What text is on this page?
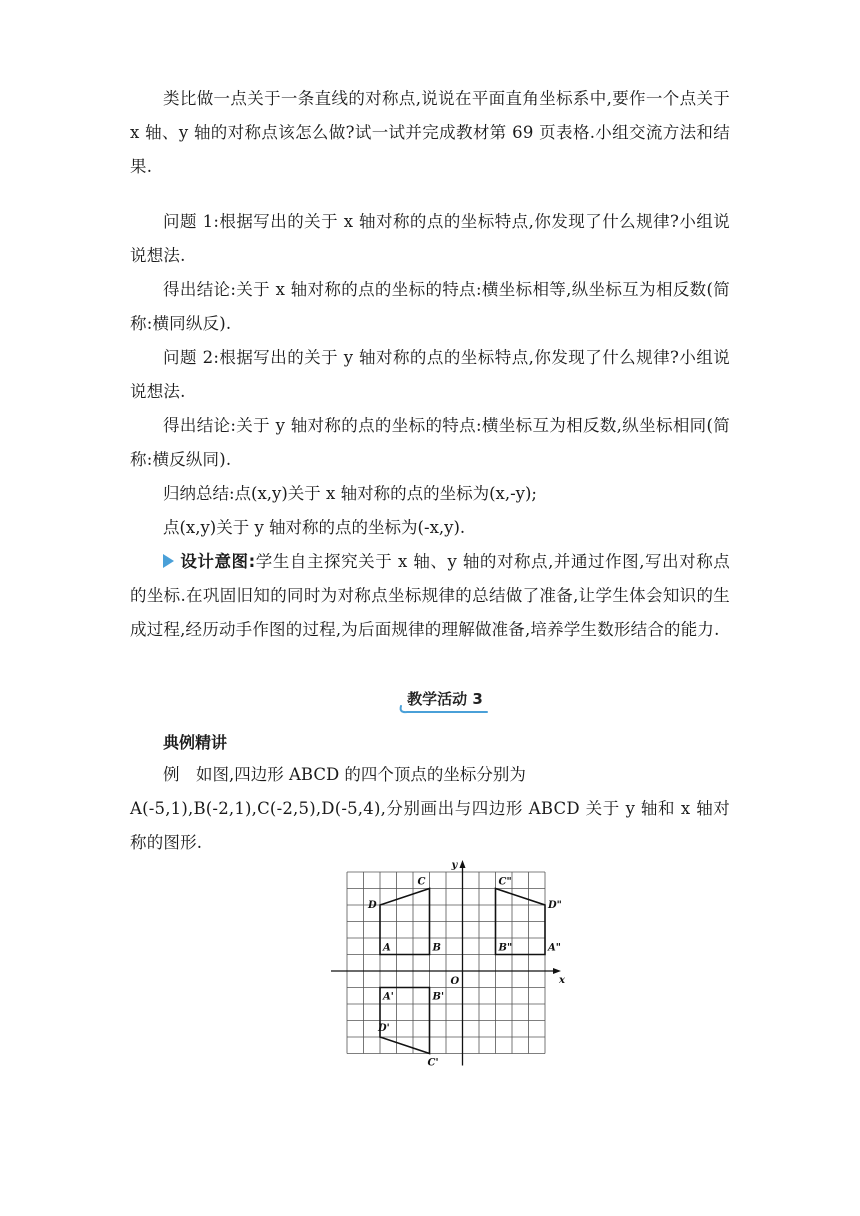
类比做一点关于一条直线的对称点,说说在平面直角坐标系中,要作一个点关于 x 轴、y 轴的对称点该怎么做?试一试并完成教材第 69 页表格.小组交流方法和结果.

问题 1:根据写出的关于 x 轴对称的点的坐标特点,你发现了什么规律?小组说说想法.

得出结论:关于 x 轴对称的点的坐标的特点:横坐标相等,纵坐标互为相反数(简称:横同纵反).

问题 2:根据写出的关于 y 轴对称的点的坐标特点,你发现了什么规律?小组说说想法.

得出结论:关于 y 轴对称的点的坐标的特点:横坐标互为相反数,纵坐标相同(简称:横反纵同).

归纳总结:点(x,y)关于 x 轴对称的点的坐标为(x,-y);

点(x,y)关于 y 轴对称的点的坐标为(-x,y).

设计意图:学生自主探究关于 x 轴、y 轴的对称点,并通过作图,写出对称点的坐标.在巩固旧知的同时为对称点坐标规律的总结做了准备,让学生体会知识的生成过程,经历动手作图的过程,为后面规律的理解做准备,培养学生数形结合的能力.

教学活动 3
典例精讲

例　如图,四边形 ABCD 的四个顶点的坐标分别为

A(-5,1),B(-2,1),C(-2,5),D(-5,4),分别画出与四边形 ABCD 关于 y 轴和 x 轴对称的图形.

x
y
O
A	B
C
D
A'	B'
C'
D'
A"
B"
C"
D"
